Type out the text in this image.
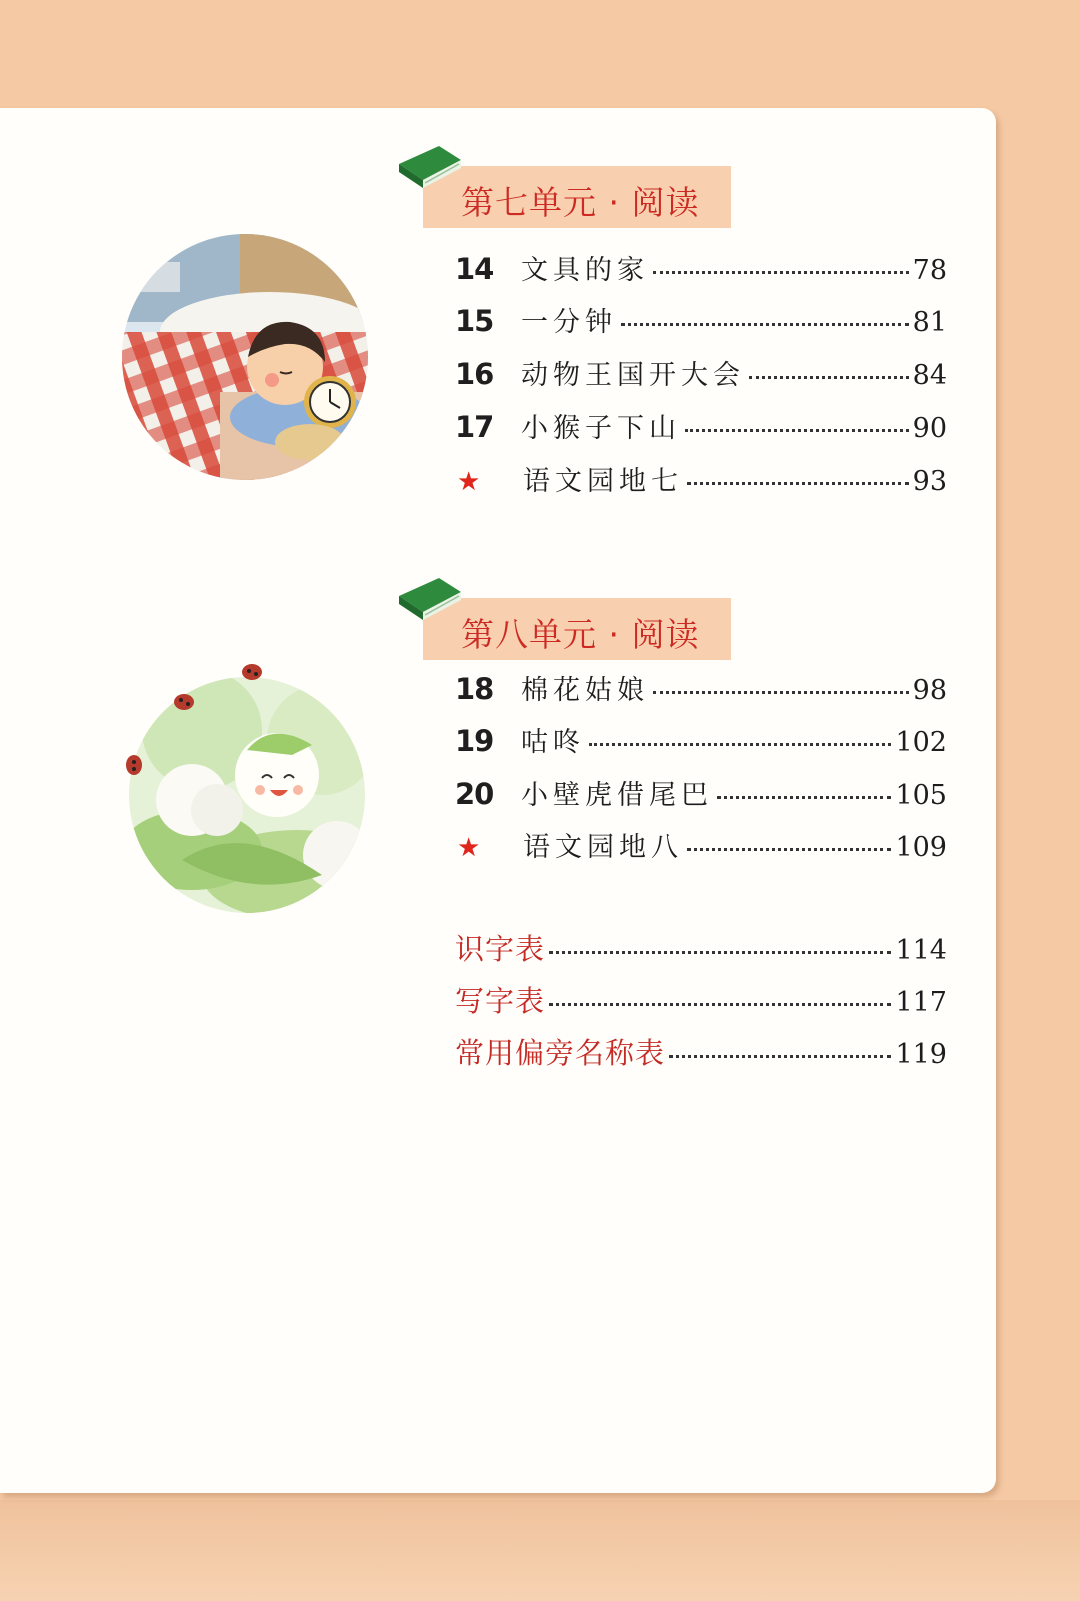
第七单元 · 阅读
14	文具的家	78
15	一分钟	81
16	动物王国开大会	84
17	小猴子下山	90
★	语文园地七	93
第八单元 · 阅读
18	棉花姑娘	98
19	咕咚	102
20	小壁虎借尾巴	105
★	语文园地八	109
识字表	114
写字表	117
常用偏旁名称表	119
